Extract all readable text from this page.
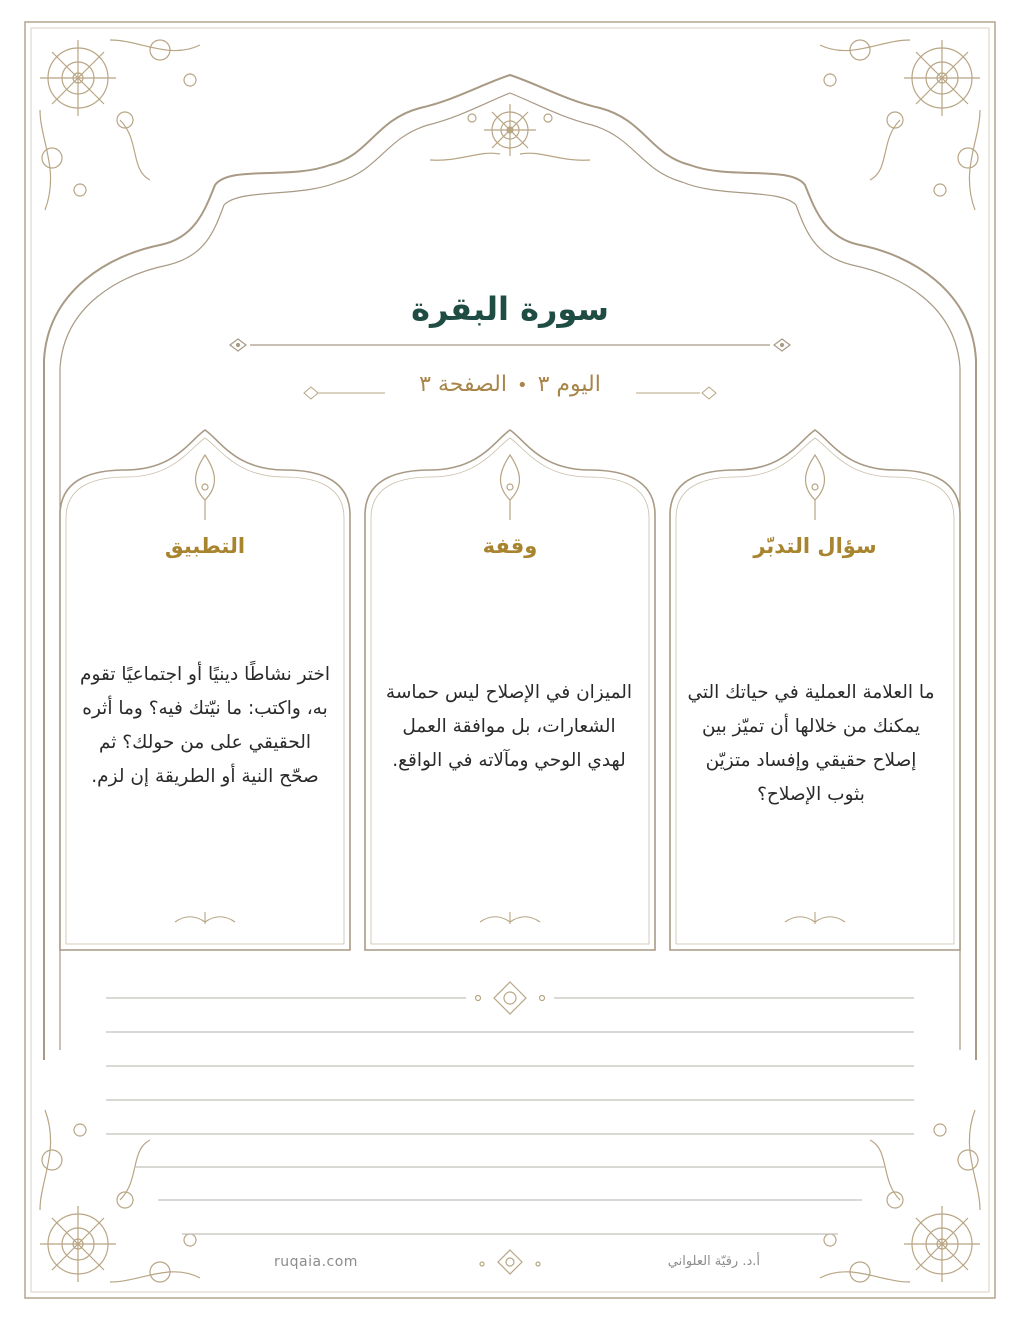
سورة البقرة
اليوم ٣•الصفحة ٣
سؤال التدبّر
وقفة
التطبيق
ما العلامة العملية في حياتك التي يمكنك من خلالها أن تميّز بين إصلاح حقيقي وإفساد متزيّن بثوب الإصلاح؟
الميزان في الإصلاح ليس حماسة الشعارات، بل موافقة العمل لهدي الوحي ومآلاته في الواقع.
اختر نشاطًا دينيًا أو اجتماعيًا تقوم به، واكتب: ما نيّتك فيه؟ وما أثره الحقيقي على من حولك؟ ثم صحّح النية أو الطريقة إن لزم.
ruqaia.com	أ.د. رقيّة العلواني
